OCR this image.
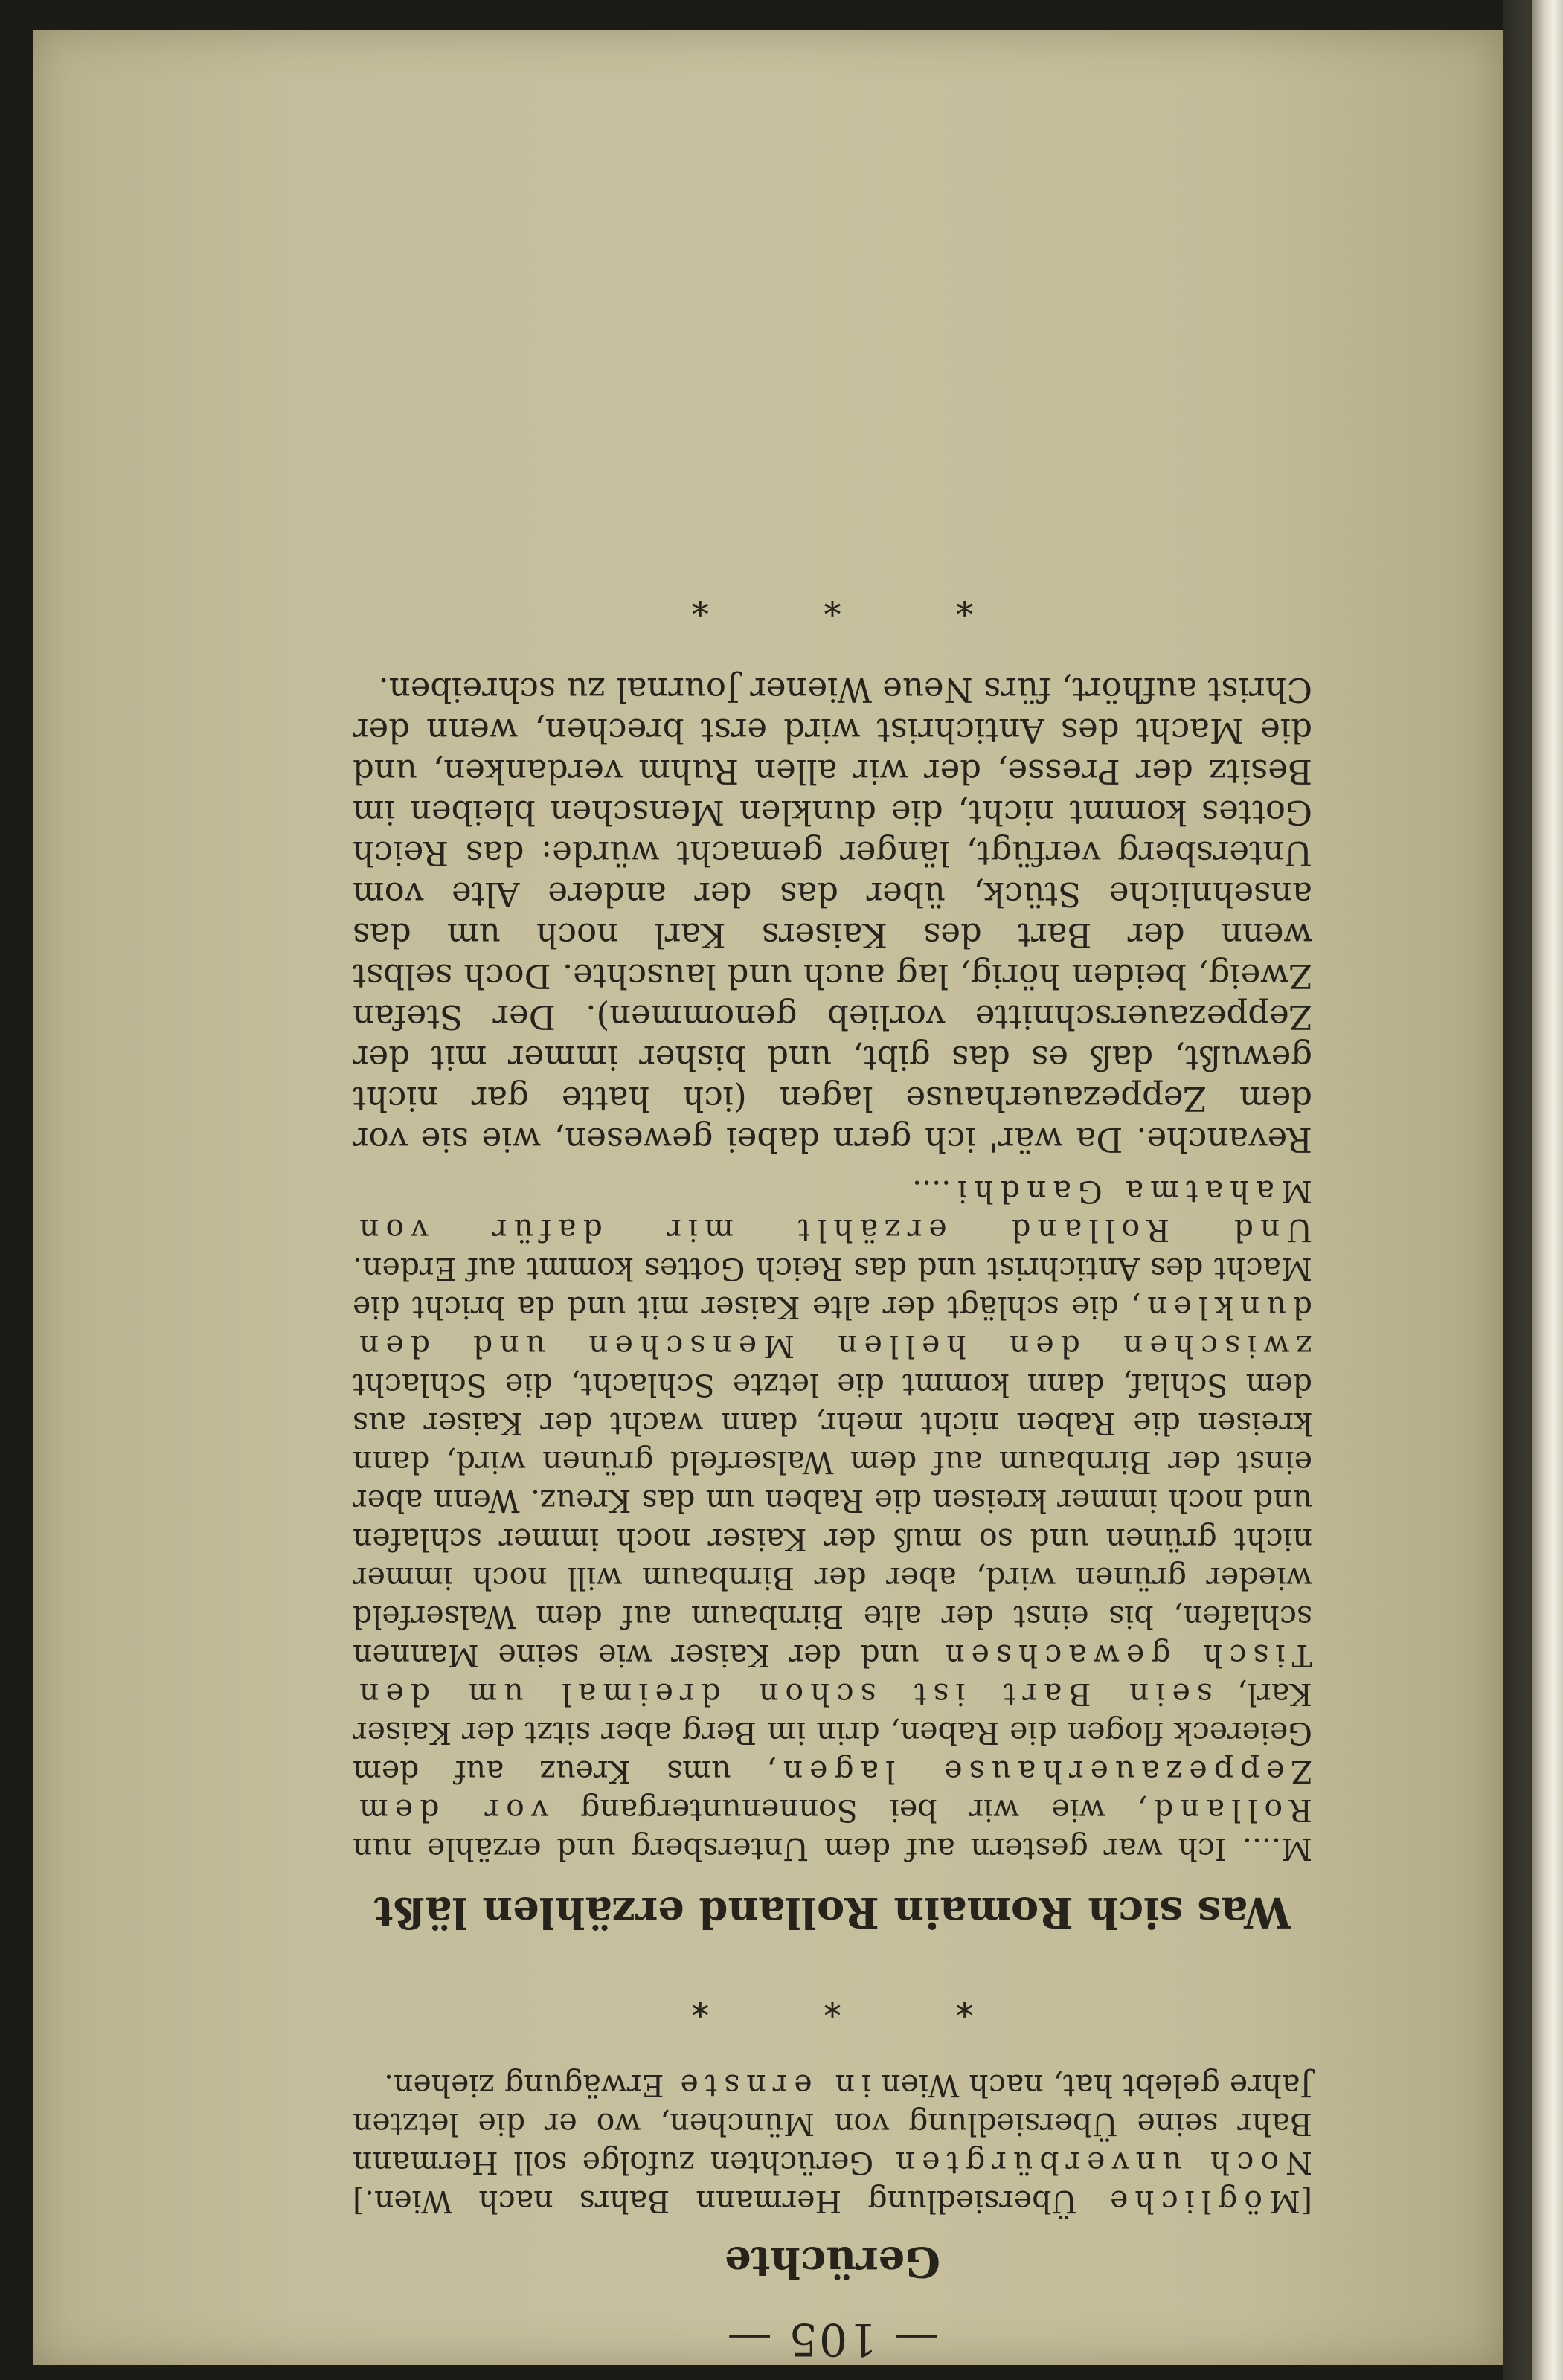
— 105 —
Gerüchte

[Mögliche Übersiedlung Hermann Bahrs nach Wien.] Noch unverbürgten Gerüchten zufolge soll Hermann Bahr seine Übersiedlung von München, wo er die letzten Jahre gelebt hat, nach Wien in ernste Erwägung ziehen.

* * *
Was sich Romain Rolland erzählen läßt

M.... Ich war gestern auf dem Untersberg und erzähle nun Rolland, wie wir bei Sonnenuntergang vor dem Zeppezauerhause lagen, ums Kreuz auf dem Geiereck flogen die Raben, drin im Berg aber sitzt der Kaiser Karl, sein Bart ist schon dreimal um den Tisch gewachsen und der Kaiser wie seine Mannen schlafen, bis einst der alte Birnbaum auf dem Walserfeld wieder grünen wird, aber der Birnbaum will noch immer nicht grünen und so muß der Kaiser noch immer schlafen und noch immer kreisen die Raben um das Kreuz. Wenn aber einst der Birnbaum auf dem Walserfeld grünen wird, dann kreisen die Raben nicht mehr, dann wacht der Kaiser aus dem Schlaf, dann kommt die letzte Schlacht, die Schlacht zwischen den hellen Menschen und den dunklen, die schlägt der alte Kaiser mit und da bricht die Macht des Antichrist und das Reich Gottes kommt auf Erden. Und Rolland erzählt mir dafür von Mahatma Gandhi....

Revanche. Da wär' ich gern dabei gewesen, wie sie vor dem Zeppezauerhause lagen (ich hatte gar nicht gewußt, daß es das gibt, und bisher immer mit der Zeppezauerschnitte vorlieb genommen). Der Stefan Zweig, beiden hörig, lag auch und lauschte. Doch selbst wenn der Bart des Kaisers Karl noch um das ansehnliche Stück, über das der andere Alte vom Untersberg verfügt, länger gemacht würde: das Reich Gottes kommt nicht, die dunklen Menschen bleiben im Besitz der Presse, der wir allen Ruhm verdanken, und die Macht des Antichrist wird erst brechen, wenn der Christ aufhört, fürs Neue Wiener Journal zu schreiben.

* * *
